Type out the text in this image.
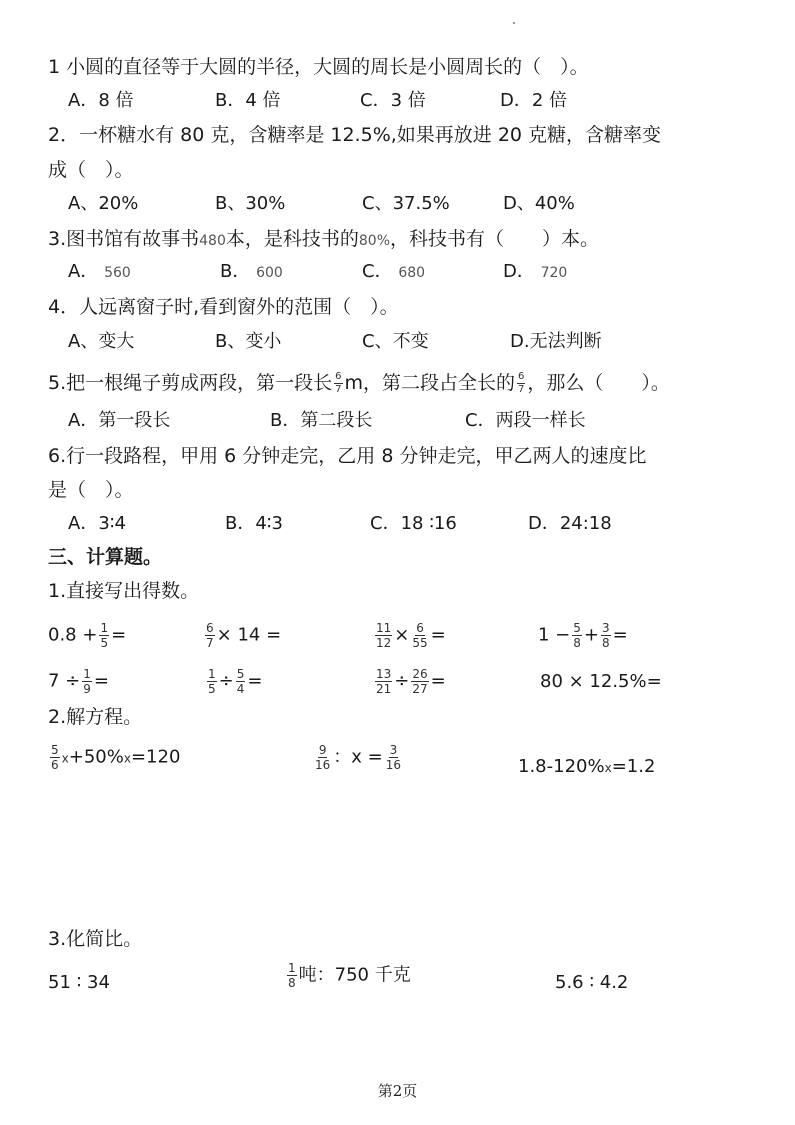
1 小圆的直径等于大圆的半径，大圆的周长是小圆周长的（　）。
A．8 倍	B．4 倍	C．3 倍	D．2 倍
2．一杯糖水有 80 克，含糖率是 12.5%,如果再放进 20 克糖，含糖率变
成（　）。
A、20%	B、30%	C、37.5%	D、40%
3.图书馆有故事书480本，是科技书的80%，科技书有（　　）本。
A． 560	B． 600	C． 680	D． 720
4．人远离窗子时,看到窗外的范围（　）。
A、变大	B、变小	C、不变	D.无法判断
5.把一根绳子剪成两段，第一段长 $\frac{6}{7}$ m，第二段占全长的 $\frac{6}{7}$ ，那么（　　）。
A．第一段长	B．第二段长	C．两段一样长
6.行一段路程，甲用 6 分钟走完，乙用 8 分钟走完，甲乙两人的速度比
是（　）。
A．3∶4	B．4∶3	C．18 ∶16	D．24:18
三、计算题。
1.直接写出得数。
$0.8 + \frac{1}{5}$ =	$\frac{6}{7} \times 14$ =	$\frac{11}{12} \times \frac{6}{55}$ =	$1 - \frac{5}{8} + \frac{3}{8}$ =
$7 \div \frac{1}{9}$ =	$\frac{1}{5} \div \frac{5}{4}$ =	$\frac{13}{21} \div \frac{26}{27}$ =	80 × 12.5%=
2.解方程。
$\frac{5}{6} x+50\%x=120$	$\frac{9}{16}$ ：$x = \frac{3}{16}$	1.8-120%x=1.2
3.化简比。
51 ∶ 34	$\frac{1}{8}$ 吨：750 千克	5.6 ∶ 4.2
第2页
